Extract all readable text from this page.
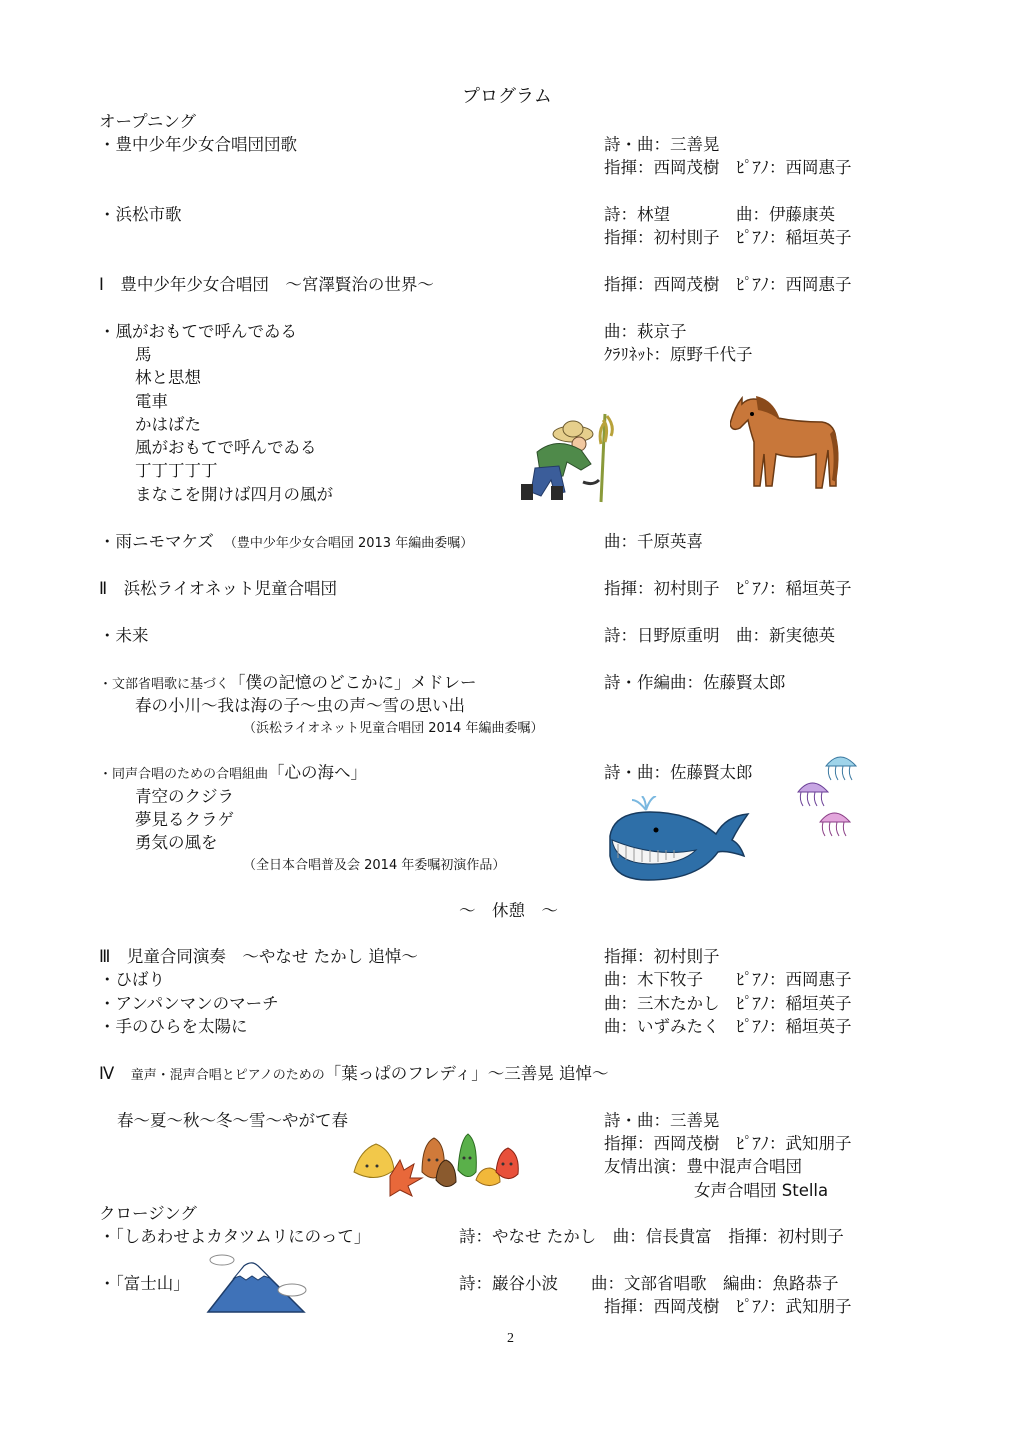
プログラム
オープニング
・豊中少年少女合唱団団歌	詩・曲：三善晃
指揮：西岡茂樹　ﾋﾟｱﾉ：西岡惠子
・浜松市歌	詩：林望　　　　曲：伊藤康英
指揮：初村則子　ﾋﾟｱﾉ：稲垣英子
Ⅰ　豊中少年少女合唱団　～宮澤賢治の世界～	指揮：西岡茂樹　ﾋﾟｱﾉ：西岡惠子
・風がおもてで呼んでゐる	曲：萩京子
ｸﾗﾘﾈｯﾄ：原野千代子
馬
林と思想
電車
かはばた
風がおもてで呼んでゐる
丁丁丁丁丁
まなこを開けば四月の風が
・雨ニモマケズ　 （豊中少年少女合唱団 2013 年編曲委嘱）	曲：千原英喜
Ⅱ　浜松ライオネット児童合唱団	指揮：初村則子　ﾋﾟｱﾉ：稲垣英子
・未来	詩：日野原重明　曲：新実徳英
・文部省唱歌に基づく「僕の記憶のどこかに」メドレー	詩・作編曲：佐藤賢太郎
春の小川～我は海の子～虫の声～雪の思い出
（浜松ライオネット児童合唱団 2014 年編曲委嘱）
・同声合唱のための合唱組曲「心の海へ」	詩・曲：佐藤賢太郎
青空のクジラ
夢見るクラゲ
勇気の風を
（全日本合唱普及会 2014 年委嘱初演作品）
～　休憩　～
Ⅲ　児童合同演奏　～やなせ たかし 追悼～	指揮：初村則子
・ひばり	曲：木下牧子　　ﾋﾟｱﾉ：西岡惠子
・アンパンマンのマーチ	曲：三木たかし　ﾋﾟｱﾉ：稲垣英子
・手のひらを太陽に	曲：いずみたく　ﾋﾟｱﾉ：稲垣英子
Ⅳ　 童声・混声合唱とピアノのための「葉っぱのフレディ」～三善晃 追悼～
春～夏～秋～冬～雪～やがて春	詩・曲：三善晃
指揮：西岡茂樹　ﾋﾟｱﾉ：武知朋子
友情出演：豊中混声合唱団
女声合唱団 Stella
クロージング
・「しあわせよカタツムリにのって」	詩：やなせ たかし　曲：信長貴富　指揮：初村則子
・「富士山」	詩：巌谷小波　　曲：文部省唱歌　編曲：魚路恭子
指揮：西岡茂樹　ﾋﾟｱﾉ：武知朋子
2
